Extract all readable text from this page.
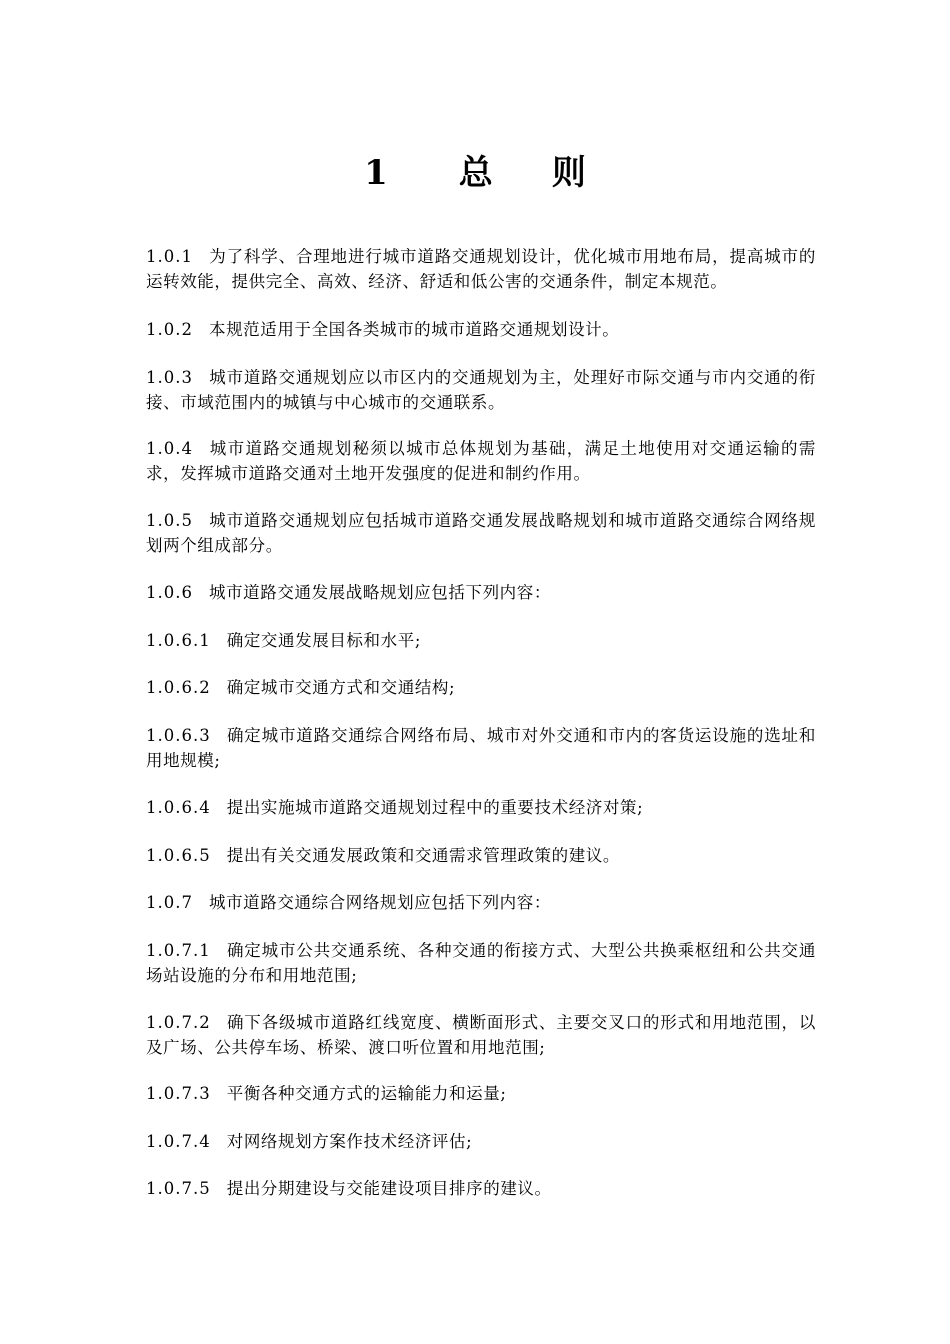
1      总     则

1.0.1 为了科学、合理地进行城市道路交通规划设计，优化城市用地布局，提高城市的运转效能，提供完全、高效、经济、舒适和低公害的交通条件，制定本规范。

1.0.2 本规范适用于全国各类城市的城市道路交通规划设计。

1.0.3 城市道路交通规划应以市区内的交通规划为主，处理好市际交通与市内交通的衔接、市域范围内的城镇与中心城市的交通联系。

1.0.4 城市道路交通规划秘须以城市总体规划为基础，满足土地使用对交通运输的需求，发挥城市道路交通对土地开发强度的促进和制约作用。

1.0.5 城市道路交通规划应包括城市道路交通发展战略规划和城市道路交通综合网络规划两个组成部分。

1.0.6 城市道路交通发展战略规划应包括下列内容：

1.0.6.1 确定交通发展目标和水平;

1.0.6.2 确定城市交通方式和交通结构;

1.0.6.3 确定城市道路交通综合网络布局、城市对外交通和市内的客货运设施的选址和用地规模;

1.0.6.4 提出实施城市道路交通规划过程中的重要技术经济对策;

1.0.6.5 提出有关交通发展政策和交通需求管理政策的建议。

1.0.7 城市道路交通综合网络规划应包括下列内容：

1.0.7.1 确定城市公共交通系统、各种交通的衔接方式、大型公共换乘枢纽和公共交通场站设施的分布和用地范围;

1.0.7.2 确下各级城市道路红线宽度、横断面形式、主要交叉口的形式和用地范围，以及广场、公共停车场、桥梁、渡口听位置和用地范围;

1.0.7.3 平衡各种交通方式的运输能力和运量;

1.0.7.4 对网络规划方案作技术经济评估;

1.0.7.5 提出分期建设与交能建设项目排序的建议。
